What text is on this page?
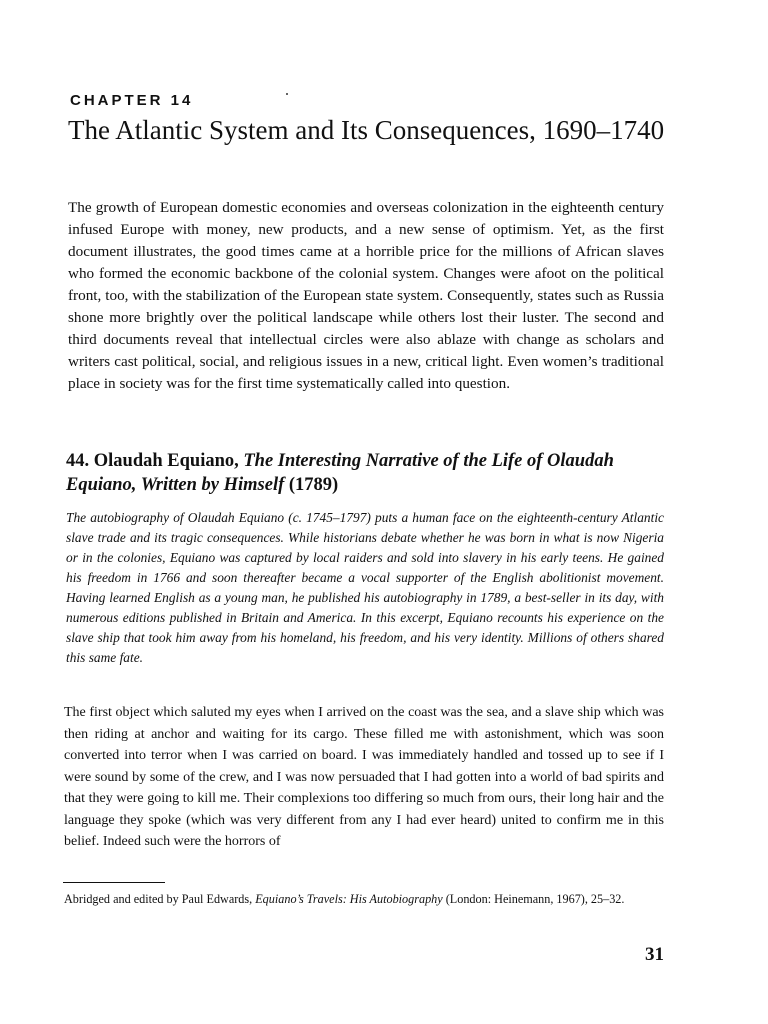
CHAPTER 14
The Atlantic System and Its Consequences, 1690–1740

The growth of European domestic economies and overseas colonization in the eighteenth century infused Europe with money, new products, and a new sense of optimism. Yet, as the first document illustrates, the good times came at a horrible price for the millions of African slaves who formed the economic backbone of the colonial system. Changes were afoot on the political front, too, with the stabilization of the European state system. Consequently, states such as Russia shone more brightly over the political landscape while others lost their luster. The second and third documents reveal that intellectual circles were also ablaze with change as scholars and writers cast political, social, and religious issues in a new, critical light. Even women’s traditional place in society was for the first time systematically called into question.

44. Olaudah Equiano, The Interesting Narrative of the Life of Olaudah Equiano, Written by Himself (1789)

The autobiography of Olaudah Equiano (c. 1745–1797) puts a human face on the eighteenth-century Atlantic slave trade and its tragic consequences. While historians debate whether he was born in what is now Nigeria or in the colonies, Equiano was captured by local raiders and sold into slavery in his early teens. He gained his freedom in 1766 and soon thereafter became a vocal supporter of the English abolitionist movement. Having learned English as a young man, he published his autobiography in 1789, a best-seller in its day, with numerous editions published in Britain and America. In this excerpt, Equiano recounts his experience on the slave ship that took him away from his homeland, his freedom, and his very identity. Millions of others shared this same fate.

The first object which saluted my eyes when I arrived on the coast was the sea, and a slave ship which was then riding at anchor and waiting for its cargo. These filled me with astonishment, which was soon converted into terror when I was carried on board. I was immediately handled and tossed up to see if I were sound by some of the crew, and I was now persuaded that I had gotten into a world of bad spirits and that they were going to kill me. Their complexions too differing so much from ours, their long hair and the language they spoke (which was very different from any I had ever heard) united to confirm me in this belief. Indeed such were the horrors of

Abridged and edited by Paul Edwards, Equiano’s Travels: His Autobiography (London: Heinemann, 1967), 25–32.

31
